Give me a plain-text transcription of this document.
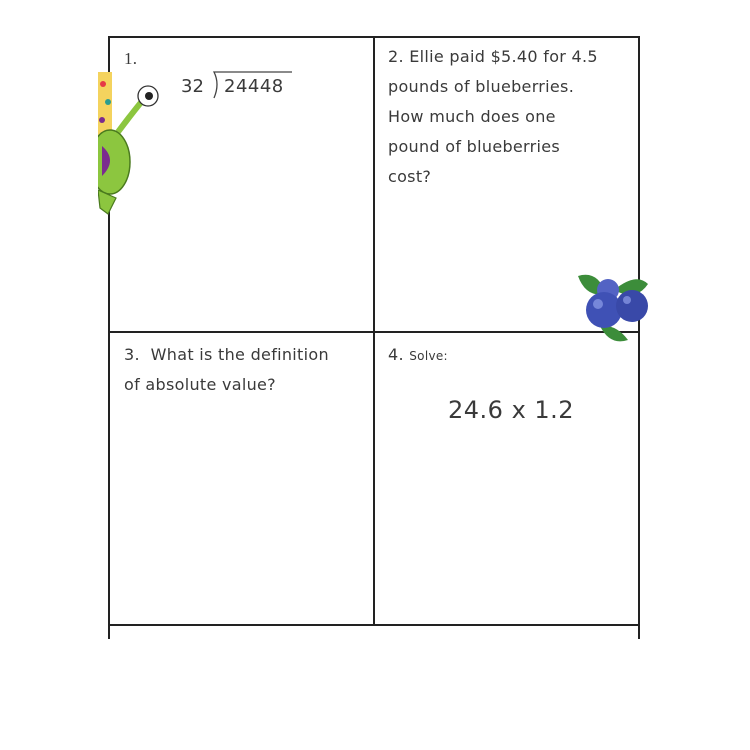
1.
32 24448
2. Ellie paid $5.40 for 4.5
pounds of blueberries.
How much does one
pound of blueberries
cost?
3. What is the definition
of absolute value?
4. Solve:
24.6 x 1.2
